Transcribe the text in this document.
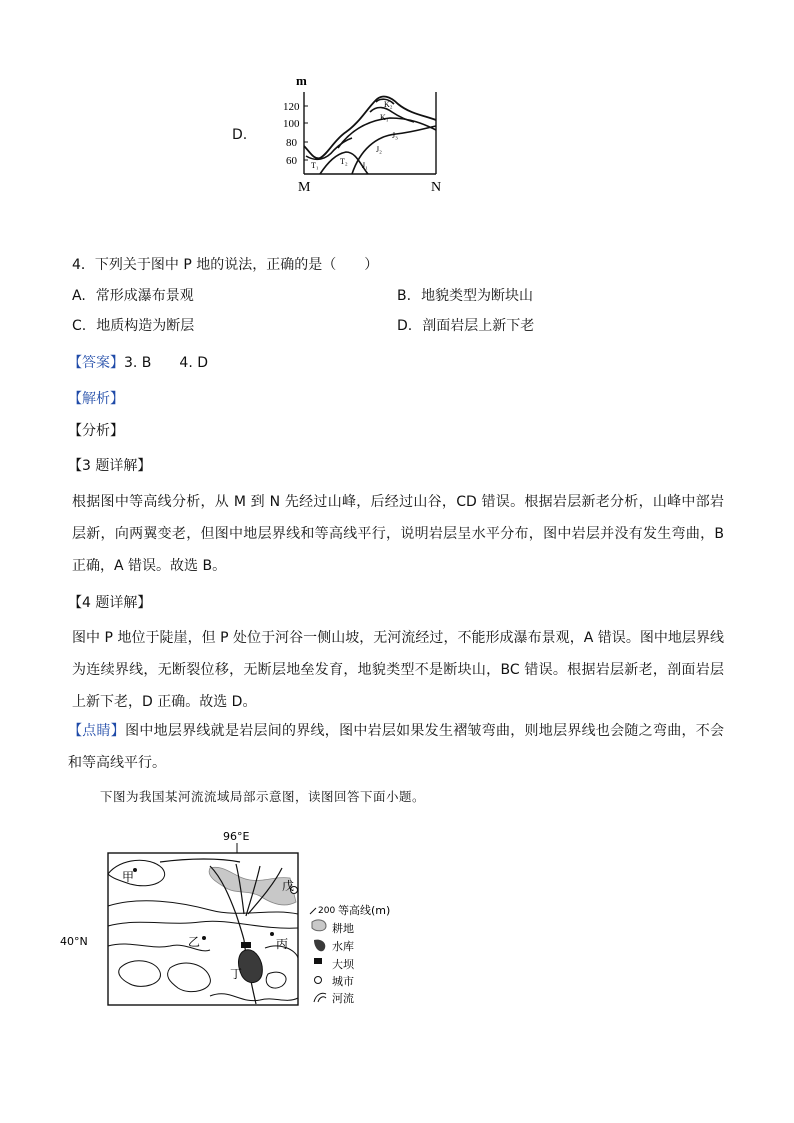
D.
m
120
100
80
60
K₂
K₁
J₃
J₂
J₁
T₂
T₁
M	N
4．下列关于图中 P 地的说法，正确的是（　　）
A. 常形成瀑布景观	B. 地貌类型为断块山
C. 地质构造为断层	D. 剖面岩层上新下老
【答案】3. B　　4. D
【解析】
【分析】
【3 题详解】
根据图中等高线分析，从 M 到 N 先经过山峰，后经过山谷，CD 错误。根据岩层新老分析，山峰中部岩层新，向两翼变老，但图中地层界线和等高线平行，说明岩层呈水平分布，图中岩层并没有发生弯曲，B 正确，A 错误。故选 B。
【4 题详解】
图中 P 地位于陡崖，但 P 处位于河谷一侧山坡，无河流经过，不能形成瀑布景观，A 错误。图中地层界线为连续界线，无断裂位移，无断层地垒发育，地貌类型不是断块山，BC 错误。根据岩层新老，剖面岩层上新下老，D 正确。故选 D。
【点睛】图中地层界线就是岩层间的界线，图中岩层如果发生褶皱弯曲，则地层界线也会随之弯曲，不会和等高线平行。
下图为我国某河流流域局部示意图，读图回答下面小题。
96°E
40°N
甲
乙	丙
丁
戊
200 等高线(m)
耕地
水库
大坝
城市
河流
